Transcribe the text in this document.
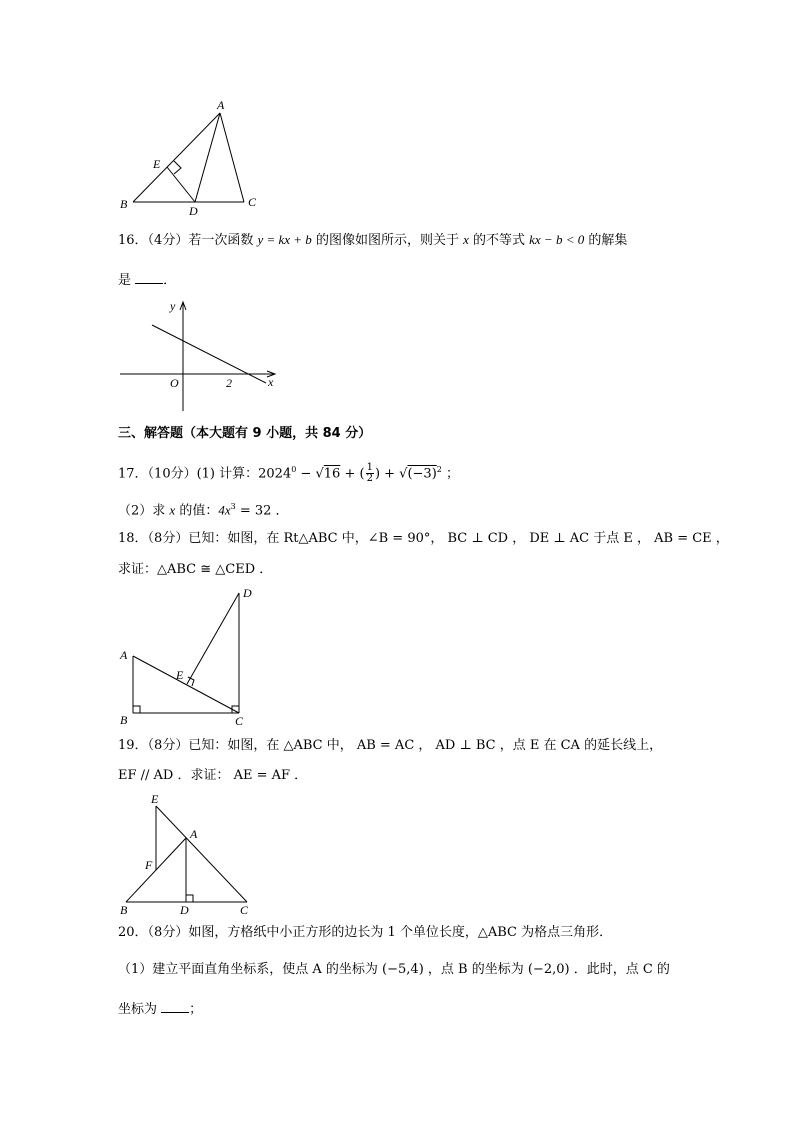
A
E
B	D
C
16．（4分）若一次函数 y = kx + b 的图像如图所示，则关于 x 的不等式 kx − b < 0 的解集
是 ．
y
x
O	2
三、解答题（本大题有 9 小题，共 84 分）
17．（10分）(1) 计算：$2024^0 - √16$ + ( $\frac{1}{2}$ ) + $√(-3)^2$ ；
（2）求 x 的值：$4x^3 = 32$ ．
18．（8分）已知：如图，在 Rt△ABC 中，∠B = 90°， BC ⊥ CD ， DE ⊥ AC 于点 E ， AB = CE ，
求证：△ABC ≅ △CED ．
D
A
E
B	C
19．（8分）已知：如图，在 △ABC 中， AB = AC ， AD ⊥ BC ，点 E 在 CA 的延长线上，
EF // AD ．求证： AE = AF ．
E
A
F
B	D	C
20．（8分）如图，方格纸中小正方形的边长为 1 个单位长度，△ABC 为格点三角形．
（1）建立平面直角坐标系，使点 A 的坐标为 (−5,4) ，点 B 的坐标为 (−2,0) ．此时，点 C 的
坐标为 ；
